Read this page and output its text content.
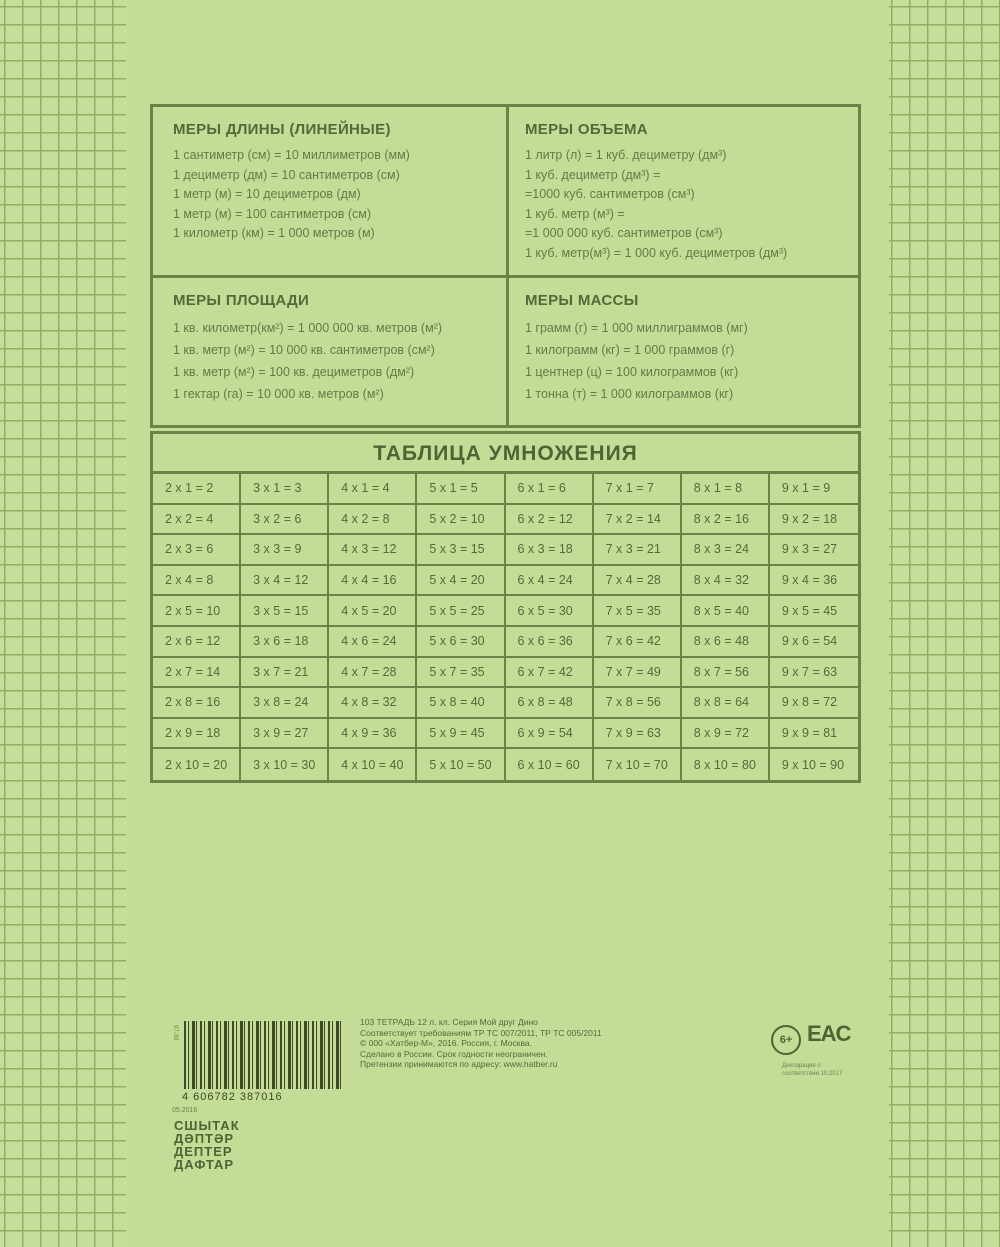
МЕРЫ ДЛИНЫ (ЛИНЕЙНЫЕ)
1 сантиметр (см) = 10 миллиметров (мм)
1 дециметр (дм) = 10 сантиметров (см)
1 метр (м) = 10 дециметров (дм)
1 метр (м) = 100 сантиметров (см)
1 километр (км) = 1 000 метров (м)
МЕРЫ ОБЪЕМА
1 литр (л) = 1 куб. дециметру (дм³)
1 куб. дециметр (дм³) =
=1000 куб. сантиметров (см³)
1 куб. метр (м³) =
=1 000 000 куб. сантиметров (см³)
1 куб. метр(м³) = 1 000 куб. дециметров (дм³)
МЕРЫ ПЛОЩАДИ
1 кв. километр(км²) = 1 000 000 кв. метров (м²)
1 кв. метр (м²) = 10 000 кв. сантиметров (см²)
1 кв. метр (м²) = 100 кв. дециметров (дм²)
1 гектар (га) = 10 000 кв. метров (м²)
МЕРЫ МАССЫ
1 грамм (г) = 1 000 миллиграммов (мг)
1 килограмм (кг) = 1 000 граммов (г)
1 центнер (ц) = 100 килограммов (кг)
1 тонна (т) = 1 000 килограммов (кг)
ТАБЛИЦА УМНОЖЕНИЯ
2 x 1 = 2	3 x 1 = 3	4 x 1 = 4	5 x 1 = 5	6 x 1 = 6	7 x 1 = 7	8 x 1 = 8	9 x 1 = 9
2 x 2 = 4	3 x 2 = 6	4 x 2 = 8	5 x 2 = 10	6 x 2 = 12	7 x 2 = 14	8 x 2 = 16	9 x 2 = 18
2 x 3 = 6	3 x 3 = 9	4 x 3 = 12	5 x 3 = 15	6 x 3 = 18	7 x 3 = 21	8 x 3 = 24	9 x 3 = 27
2 x 4 = 8	3 x 4 = 12	4 x 4 = 16	5 x 4 = 20	6 x 4 = 24	7 x 4 = 28	8 x 4 = 32	9 x 4 = 36
2 x 5 = 10	3 x 5 = 15	4 x 5 = 20	5 x 5 = 25	6 x 5 = 30	7 x 5 = 35	8 x 5 = 40	9 x 5 = 45
2 x 6 = 12	3 x 6 = 18	4 x 6 = 24	5 x 6 = 30	6 x 6 = 36	7 x 6 = 42	8 x 6 = 48	9 x 6 = 54
2 x 7 = 14	3 x 7 = 21	4 x 7 = 28	5 x 7 = 35	6 x 7 = 42	7 x 7 = 49	8 x 7 = 56	9 x 7 = 63
2 x 8 = 16	3 x 8 = 24	4 x 8 = 32	5 x 8 = 40	6 x 8 = 48	7 x 8 = 56	8 x 8 = 64	9 x 8 = 72
2 x 9 = 18	3 x 9 = 27	4 x 9 = 36	5 x 9 = 45	6 x 9 = 54	7 x 9 = 63	8 x 9 = 72	9 x 9 = 81
2 x 10 = 20	3 x 10 = 30	4 x 10 = 40	5 x 10 = 50	6 x 10 = 60	7 x 10 = 70	8 x 10 = 80	9 x 10 = 90
97-39
4 606782 387016
05.2016
СШЫТАК
ДӘПТӘР
ДЕПТЕР
ДАФТАР
103 ТЕТРАДЬ 12 л. кл. Серия Мой друг Дино
Соответствует требованиям ТР ТС 007/2011, ТР ТС 005/2011
© 000 «Хатбер-М», 2016. Россия, г. Москва.
Сделано в России. Срок годности неограничен.
Претензии принимаются по адресу: www.hatber.ru
6+ EAC
Декларация о соответствии 10.2017
